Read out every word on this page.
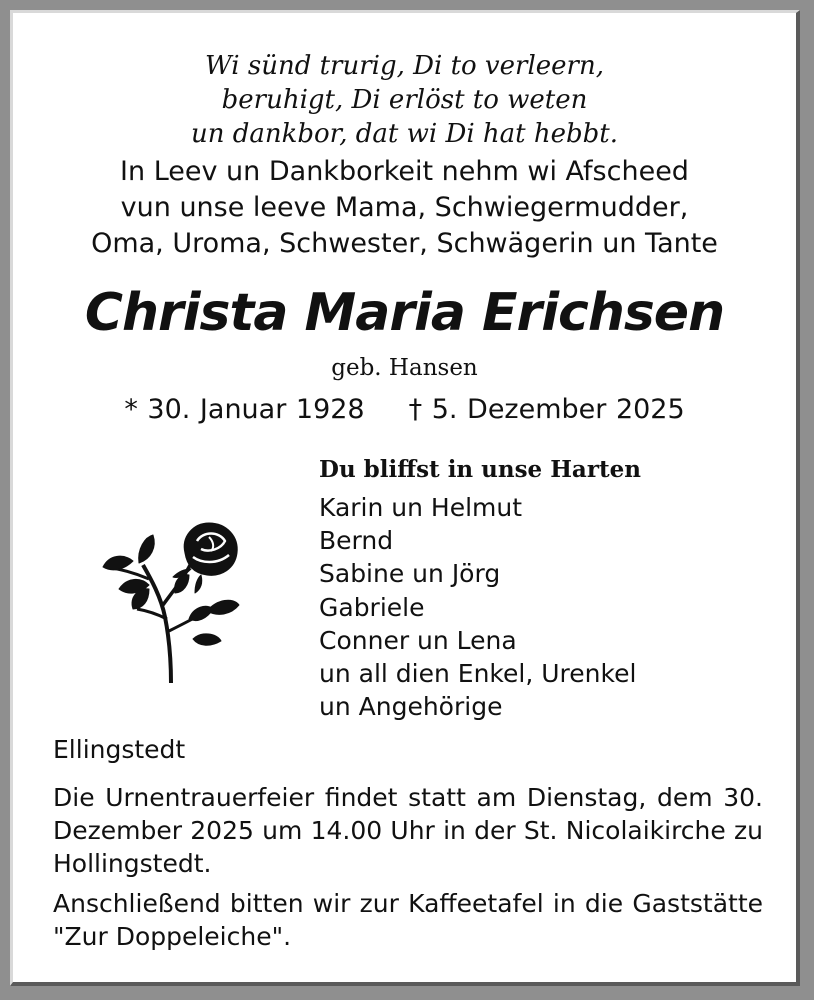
Wi sünd trurig, Di to verleern,
beruhigt, Di erlöst to weten
un dankbor, dat wi Di hat hebbt.
In Leev un Dankborkeit nehm wi Afscheed
vun unse leeve Mama, Schwiegermudder,
Oma, Uroma, Schwester, Schwägerin un Tante
Christa Maria Erichsen
geb. Hansen
* 30. Januar 1928 † 5. Dezember 2025
Du bliffst in unse Harten
Karin un Helmut
Bernd
Sabine un Jörg
Gabriele
Conner un Lena
un all dien Enkel, Urenkel
un Angehörige
Ellingstedt
Die Urnentrauerfeier findet statt am Dienstag, dem 30. Dezember 2025 um 14.00 Uhr in der St. Nicolaikirche zu Hollingstedt.
Anschließend bitten wir zur Kaffeetafel in die Gaststätte "Zur Doppeleiche".
